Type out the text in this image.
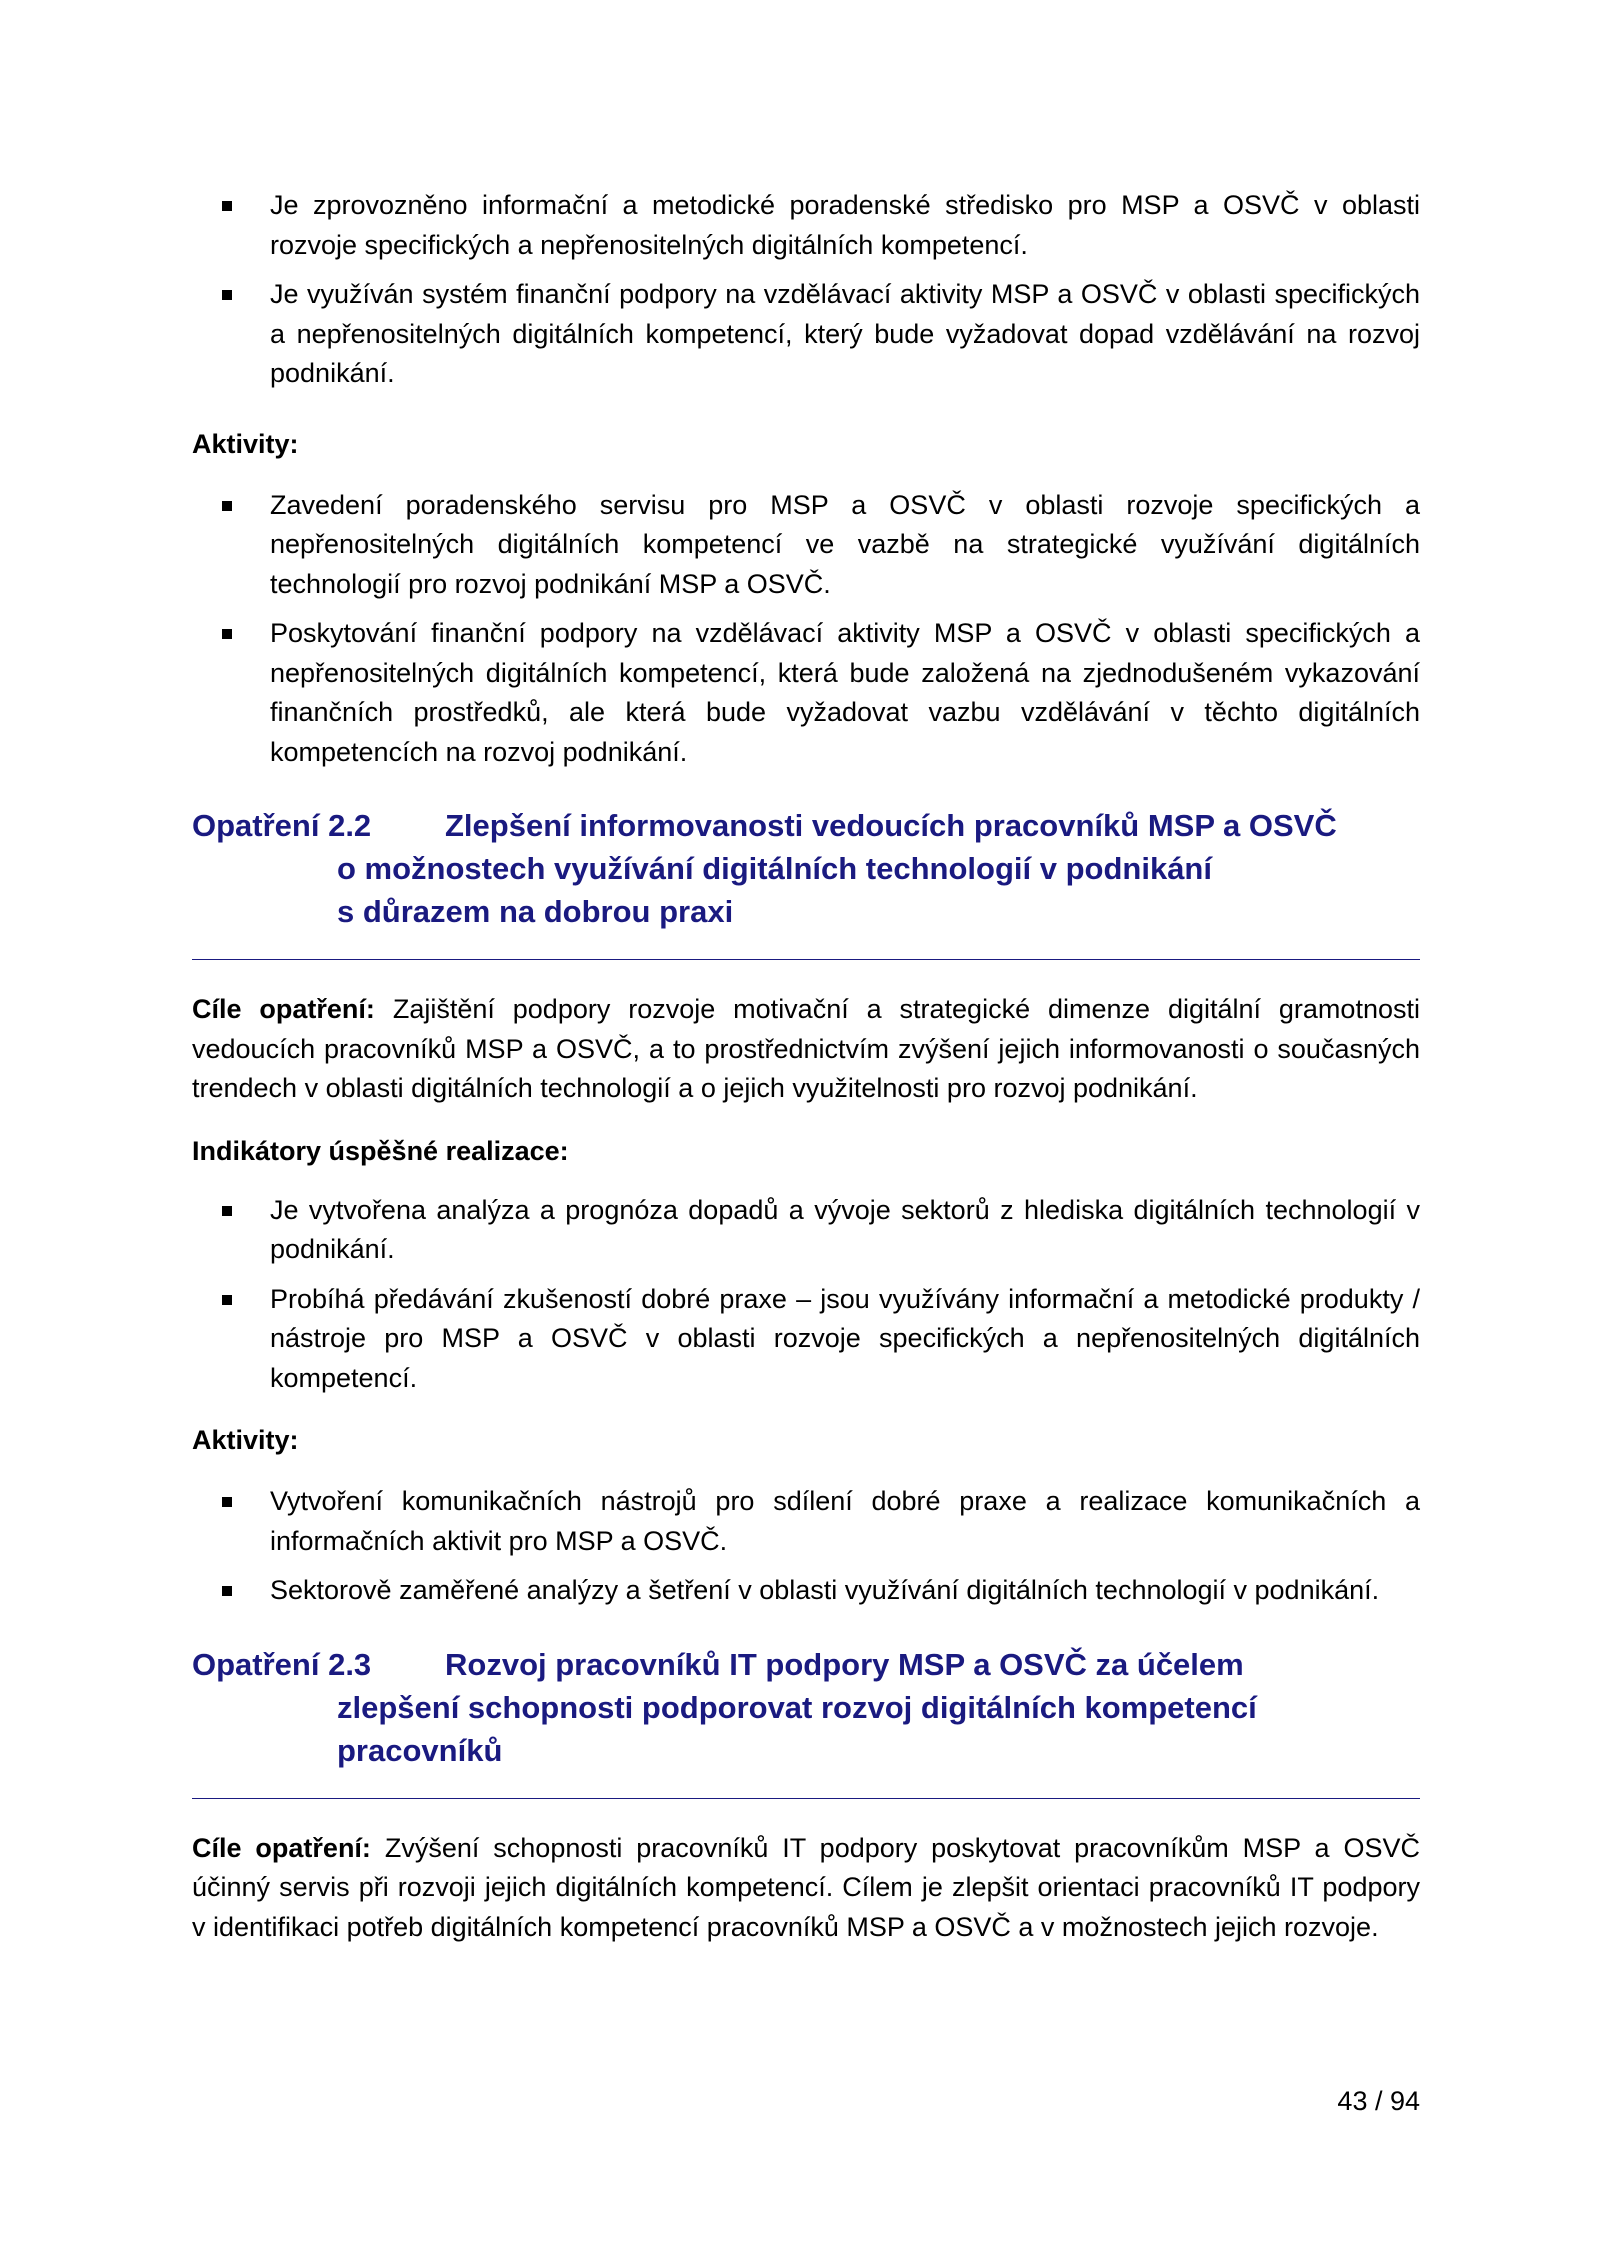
Je zprovozněno informační a metodické poradenské středisko pro MSP a OSVČ v oblasti rozvoje specifických a nepřenositelných digitálních kompetencí.
Je využíván systém finanční podpory na vzdělávací aktivity MSP a OSVČ v oblasti specifických a nepřenositelných digitálních kompetencí, který bude vyžadovat dopad vzdělávání na rozvoj podnikání.
Aktivity:
Zavedení poradenského servisu pro MSP a OSVČ v oblasti rozvoje specifických a nepřenositelných digitálních kompetencí ve vazbě na strategické využívání digitálních technologií pro rozvoj podnikání MSP a OSVČ.
Poskytování finanční podpory na vzdělávací aktivity MSP a OSVČ v oblasti specifických a nepřenositelných digitálních kompetencí, která bude založená na zjednodušeném vykazování finančních prostředků, ale která bude vyžadovat vazbu vzdělávání v těchto digitálních kompetencích na rozvoj podnikání.
Opatření 2.2	Zlepšení informovanosti vedoucích pracovníků MSP a OSVČ
o možnostech využívání digitálních technologií v podnikání
s důrazem na dobrou praxi

Cíle opatření: Zajištění podpory rozvoje motivační a strategické dimenze digitální gramotnosti vedoucích pracovníků MSP a OSVČ, a to prostřednictvím zvýšení jejich informovanosti o současných trendech v oblasti digitálních technologií a o jejich využitelnosti pro rozvoj podnikání.

Indikátory úspěšné realizace:
Je vytvořena analýza a prognóza dopadů a vývoje sektorů z hlediska digitálních technologií v podnikání.
Probíhá předávání zkušeností dobré praxe – jsou využívány informační a metodické produkty / nástroje pro MSP a OSVČ v oblasti rozvoje specifických a nepřenositelných digitálních kompetencí.
Aktivity:
Vytvoření komunikačních nástrojů pro sdílení dobré praxe a realizace komunikačních a informačních aktivit pro MSP a OSVČ.
Sektorově zaměřené analýzy a šetření v oblasti využívání digitálních technologií v podnikání.
Opatření 2.3	Rozvoj pracovníků IT podpory MSP a OSVČ za účelem
zlepšení schopnosti podporovat rozvoj digitálních kompetencí
pracovníků

Cíle opatření: Zvýšení schopnosti pracovníků IT podpory poskytovat pracovníkům MSP a OSVČ účinný servis při rozvoji jejich digitálních kompetencí. Cílem je zlepšit orientaci pracovníků IT podpory v identifikaci potřeb digitálních kompetencí pracovníků MSP a OSVČ a v možnostech jejich rozvoje.

43 / 94
